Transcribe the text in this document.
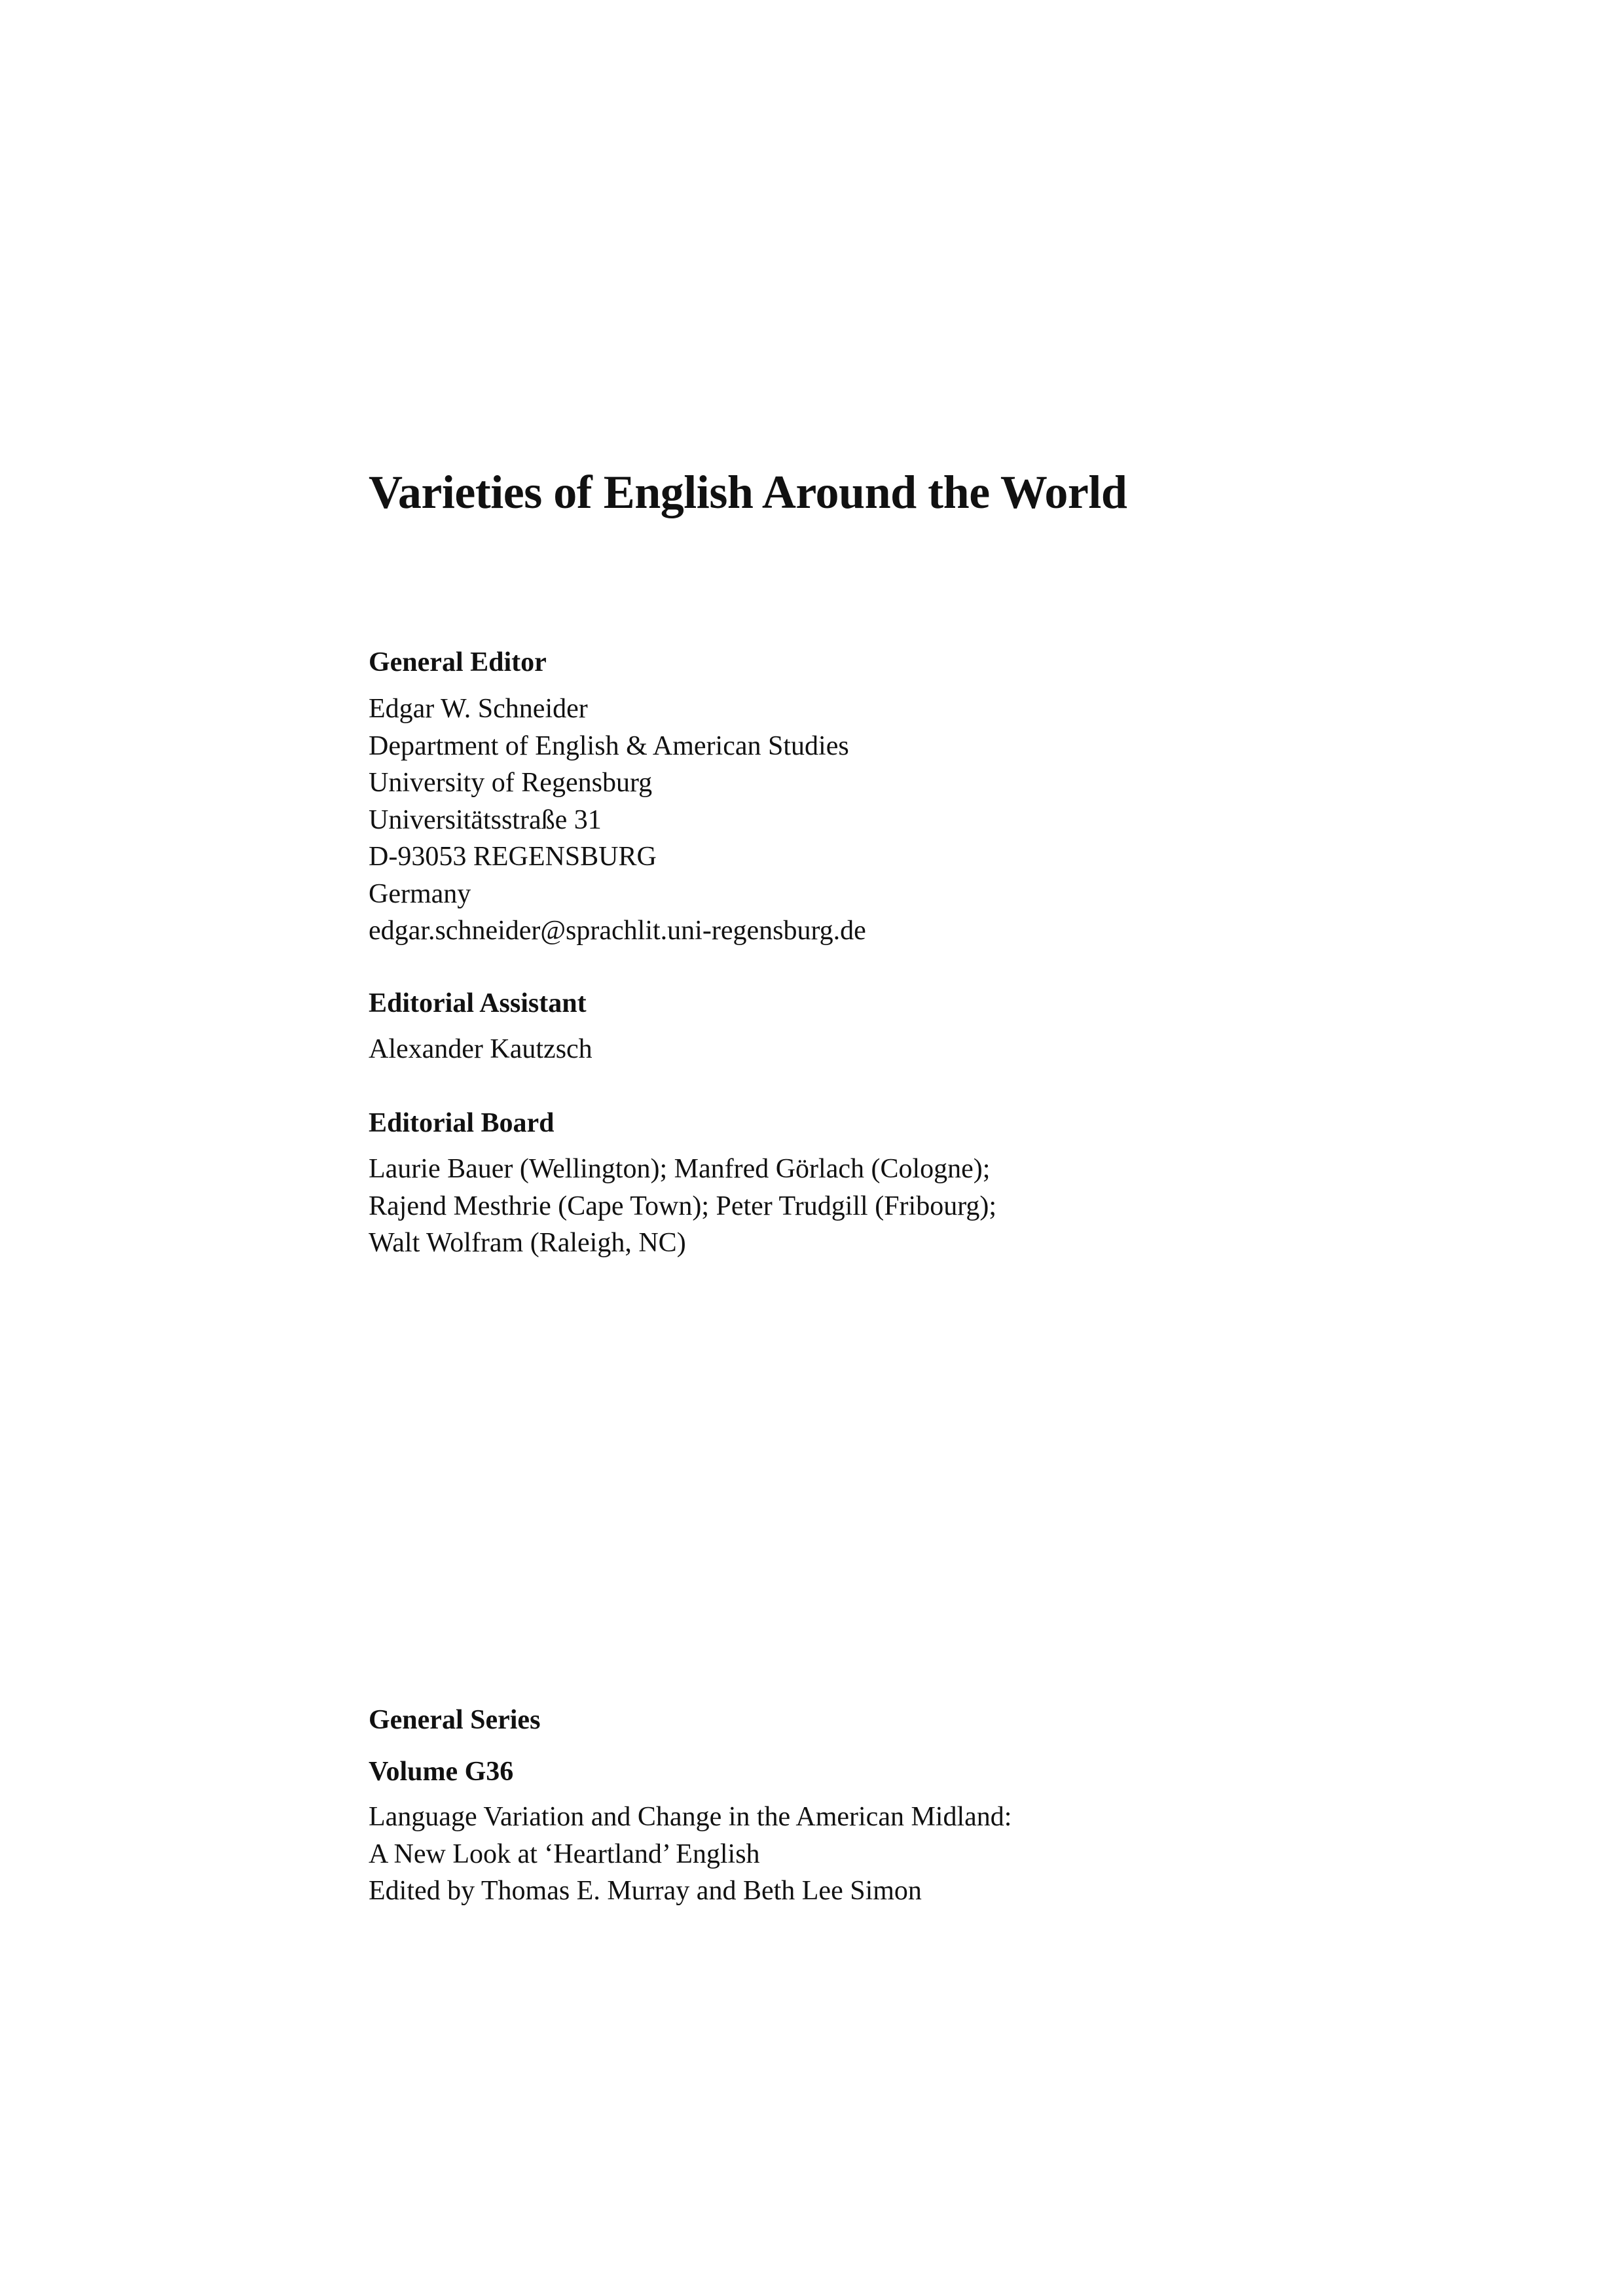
Varieties of English Around the World
General Editor
Edgar W. Schneider
Department of English & American Studies
University of Regensburg
Universitätsstraße 31
D-93053 REGENSBURG
Germany
edgar.schneider@sprachlit.uni-regensburg.de
Editorial Assistant
Alexander Kautzsch
Editorial Board
Laurie Bauer (Wellington); Manfred Görlach (Cologne);
Rajend Mesthrie (Cape Town); Peter Trudgill (Fribourg);
Walt Wolfram (Raleigh, NC)
General Series
Volume G36
Language Variation and Change in the American Midland:
A New Look at ‘Heartland’ English
Edited by Thomas E. Murray and Beth Lee Simon
